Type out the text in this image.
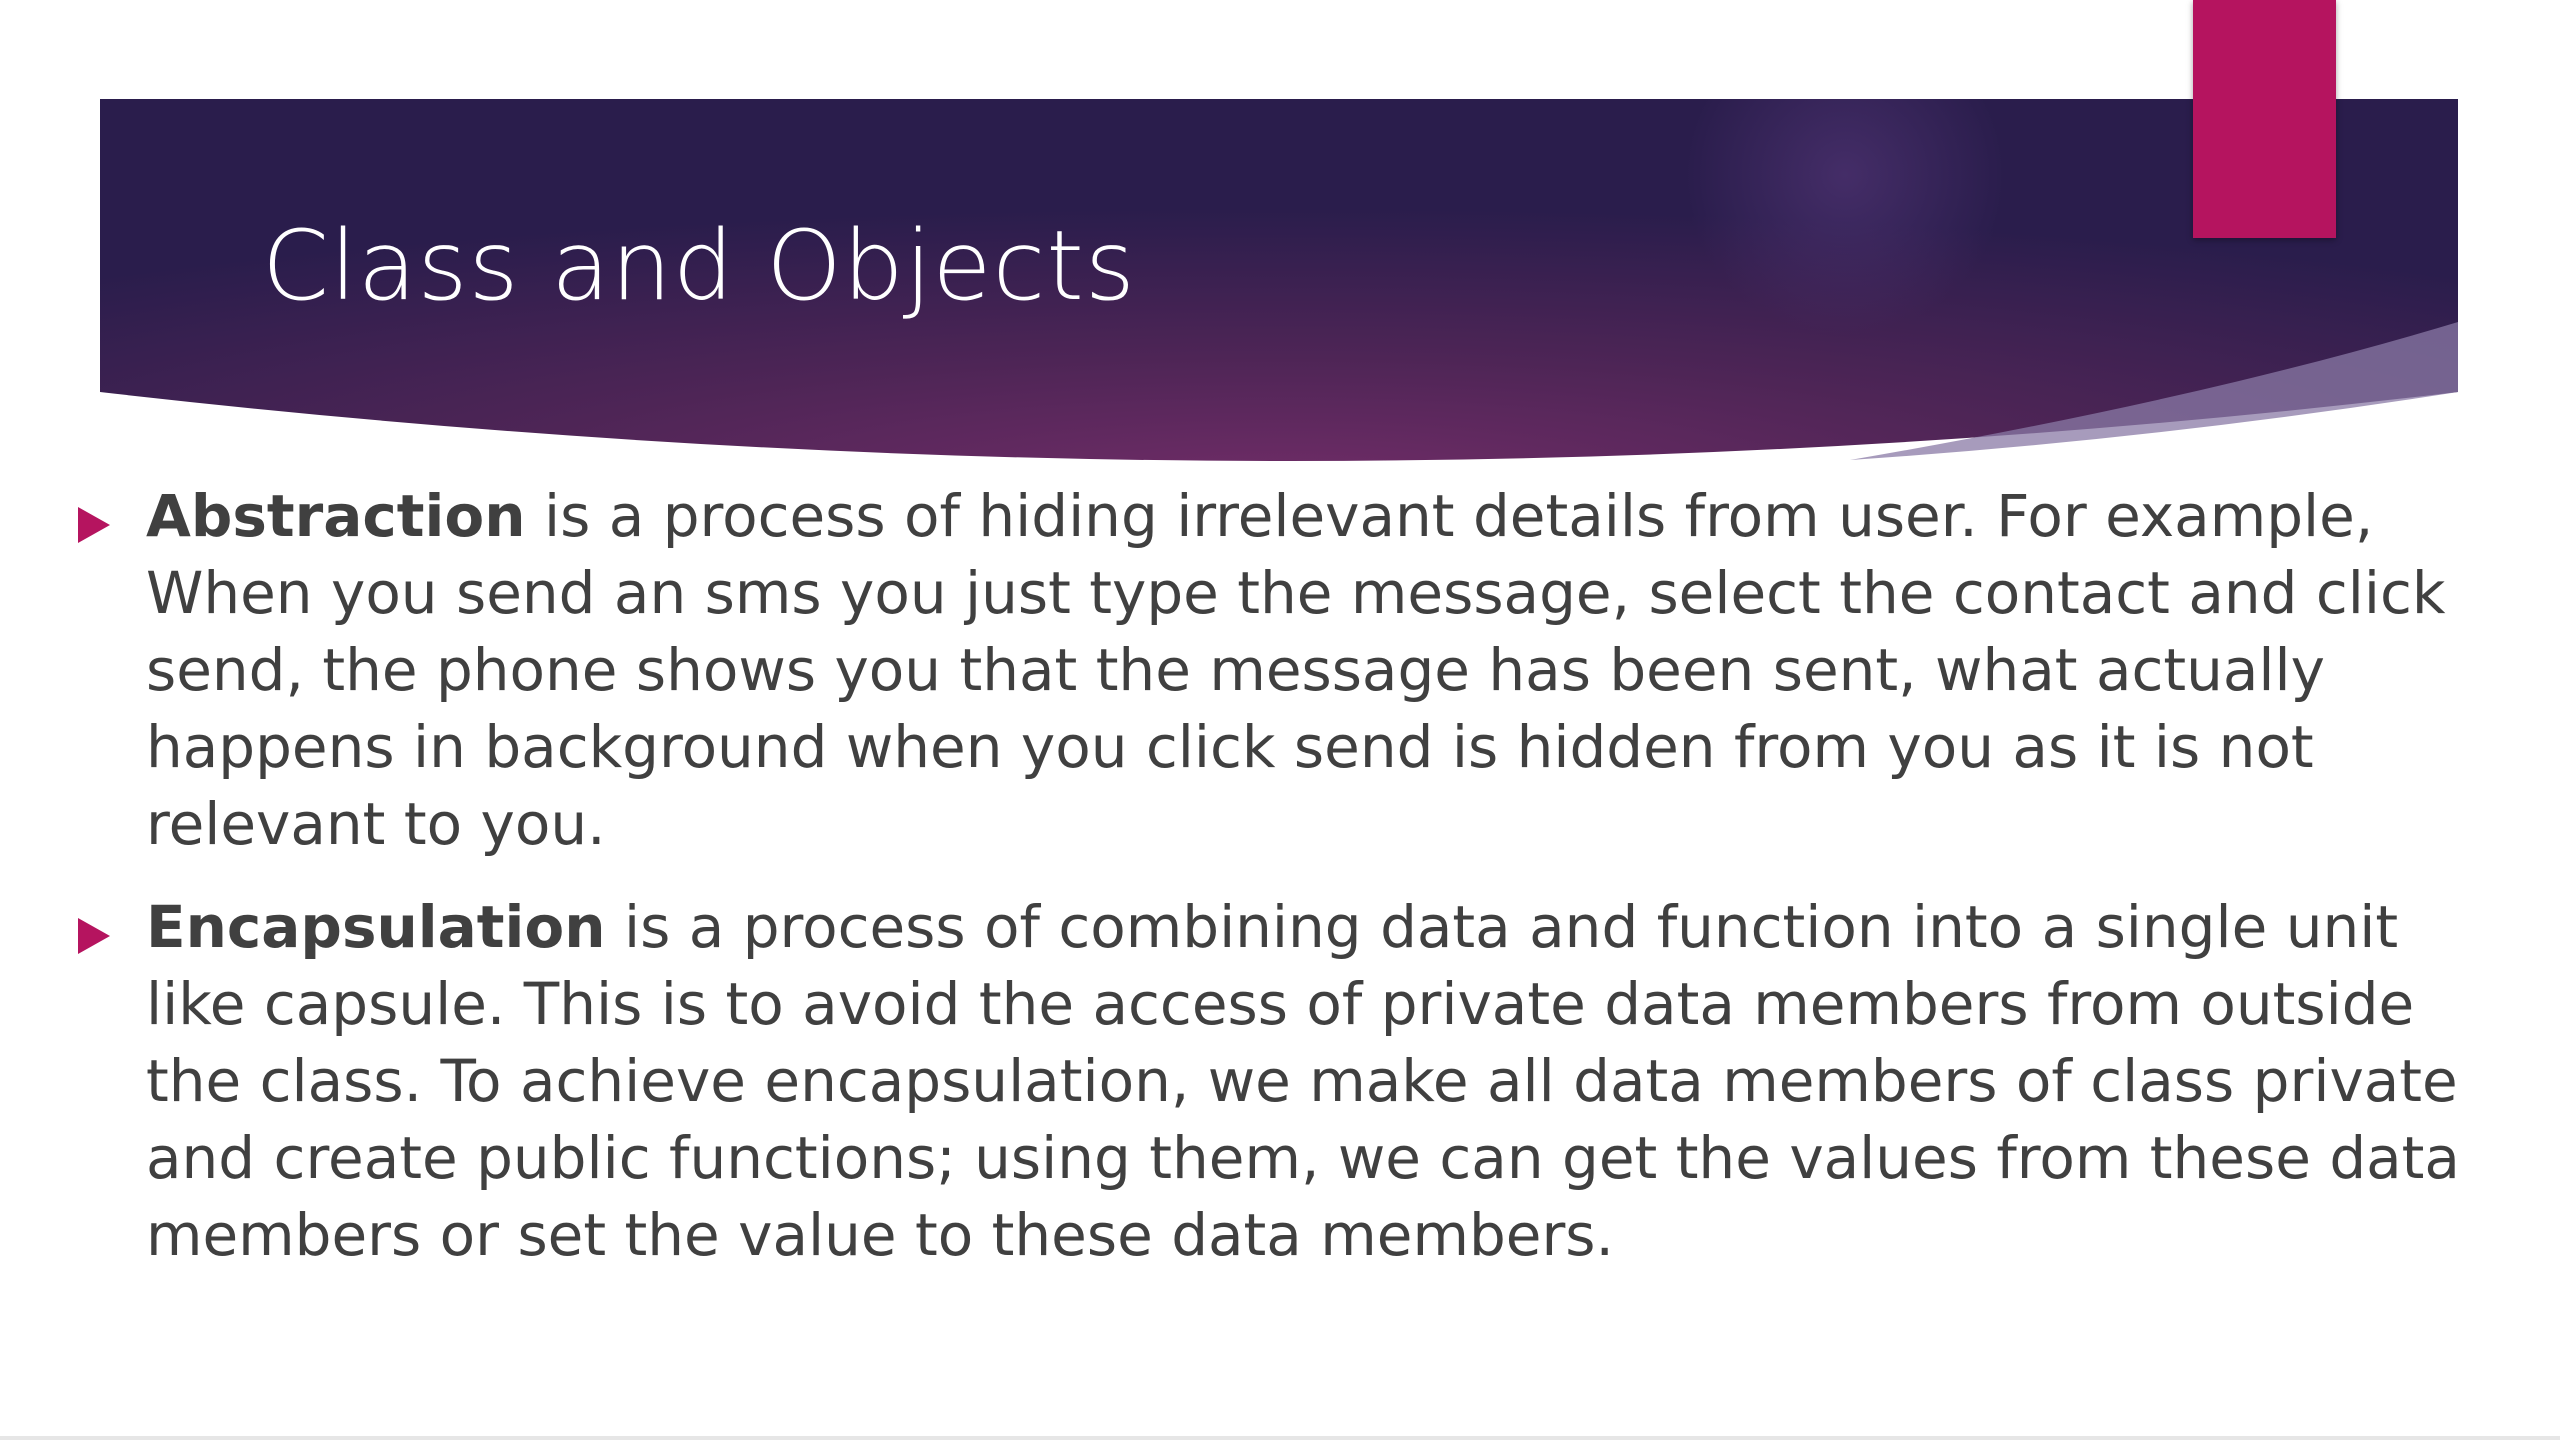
Class and Objects
Abstraction is a process of hiding irrelevant details from user. For example, When you send an sms you just type the message, select the contact and click send, the phone shows you that the message has been sent, what actually happens in background when you click send is hidden from you as it is not relevant to you.
Encapsulation is a process of combining data and function into a single unit like capsule. This is to avoid the access of private data members from outside the class. To achieve encapsulation, we make all data members of class private and create public functions; using them, we can get the values from these data members or set the value to these data members.
